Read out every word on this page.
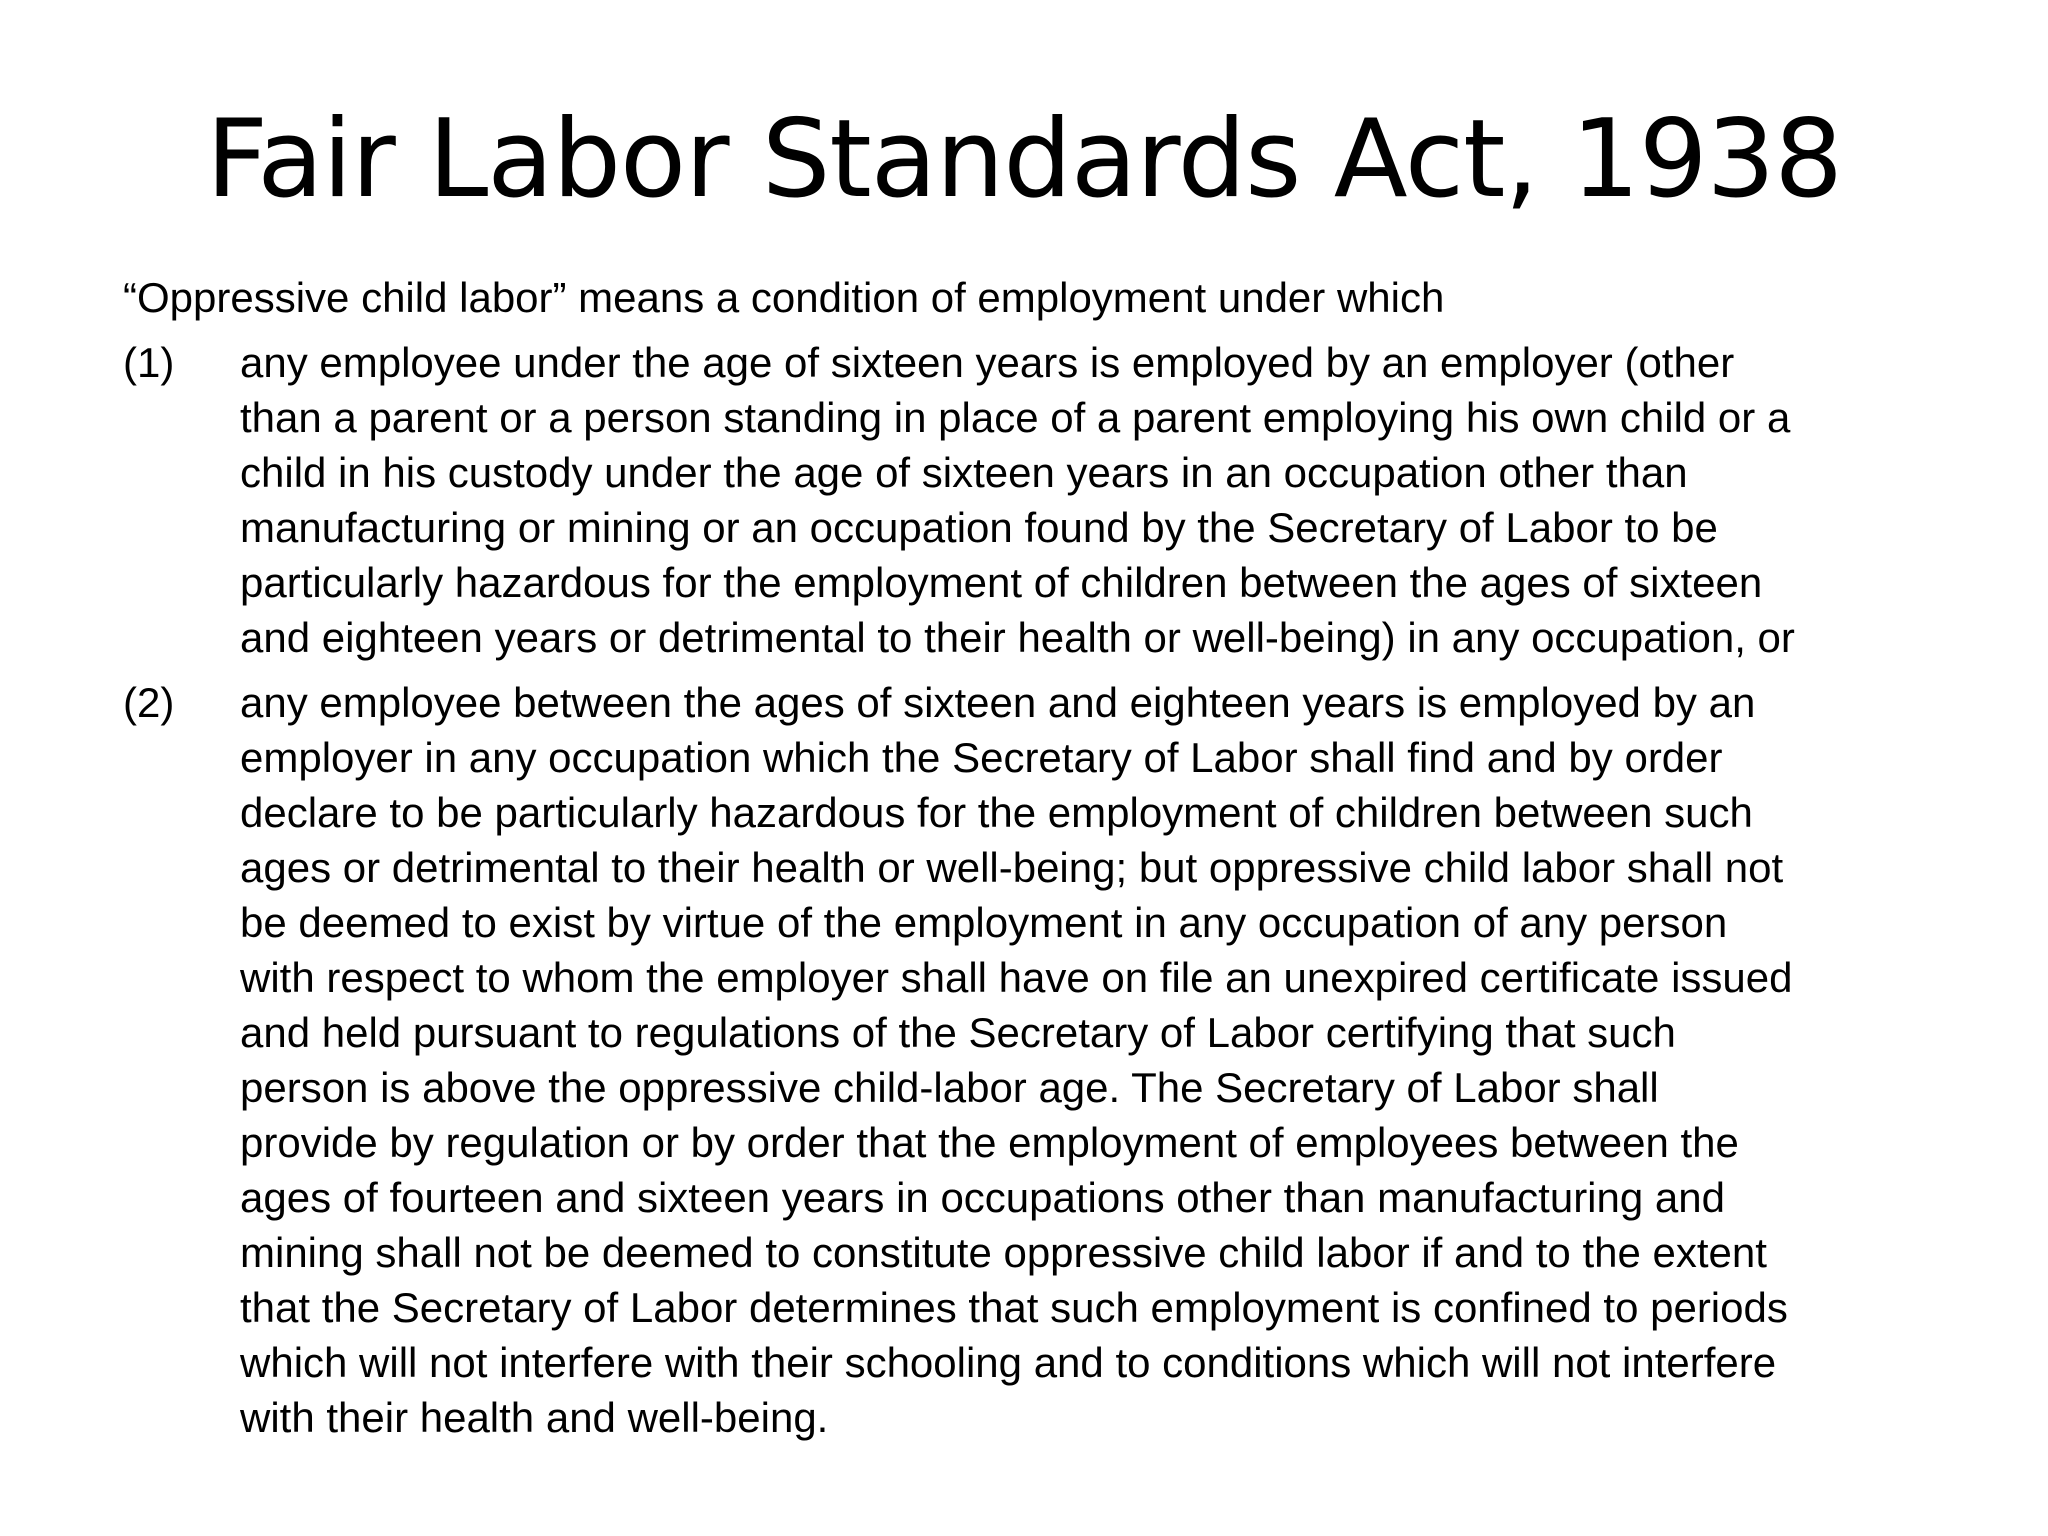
Fair Labor Standards Act, 1938

“Oppressive child labor” means a condition of employment under which

(1)	any employee under the age of sixteen years is employed by an employer (other
than a parent or a person standing in place of a parent employing his own child or a
child in his custody under the age of sixteen years in an occupation other than
manufacturing or mining or an occupation found by the Secretary of Labor to be
particularly hazardous for the employment of children between the ages of sixteen
and eighteen years or detrimental to their health or well-being) in any occupation, or
(2)	any employee between the ages of sixteen and eighteen years is employed by an
employer in any occupation which the Secretary of Labor shall find and by order
declare to be particularly hazardous for the employment of children between such
ages or detrimental to their health or well-being; but oppressive child labor shall not
be deemed to exist by virtue of the employment in any occupation of any person
with respect to whom the employer shall have on file an unexpired certificate issued
and held pursuant to regulations of the Secretary of Labor certifying that such
person is above the oppressive child-labor age. The Secretary of Labor shall
provide by regulation or by order that the employment of employees between the
ages of fourteen and sixteen years in occupations other than manufacturing and
mining shall not be deemed to constitute oppressive child labor if and to the extent
that the Secretary of Labor determines that such employment is confined to periods
which will not interfere with their schooling and to conditions which will not interfere
with their health and well-being.
